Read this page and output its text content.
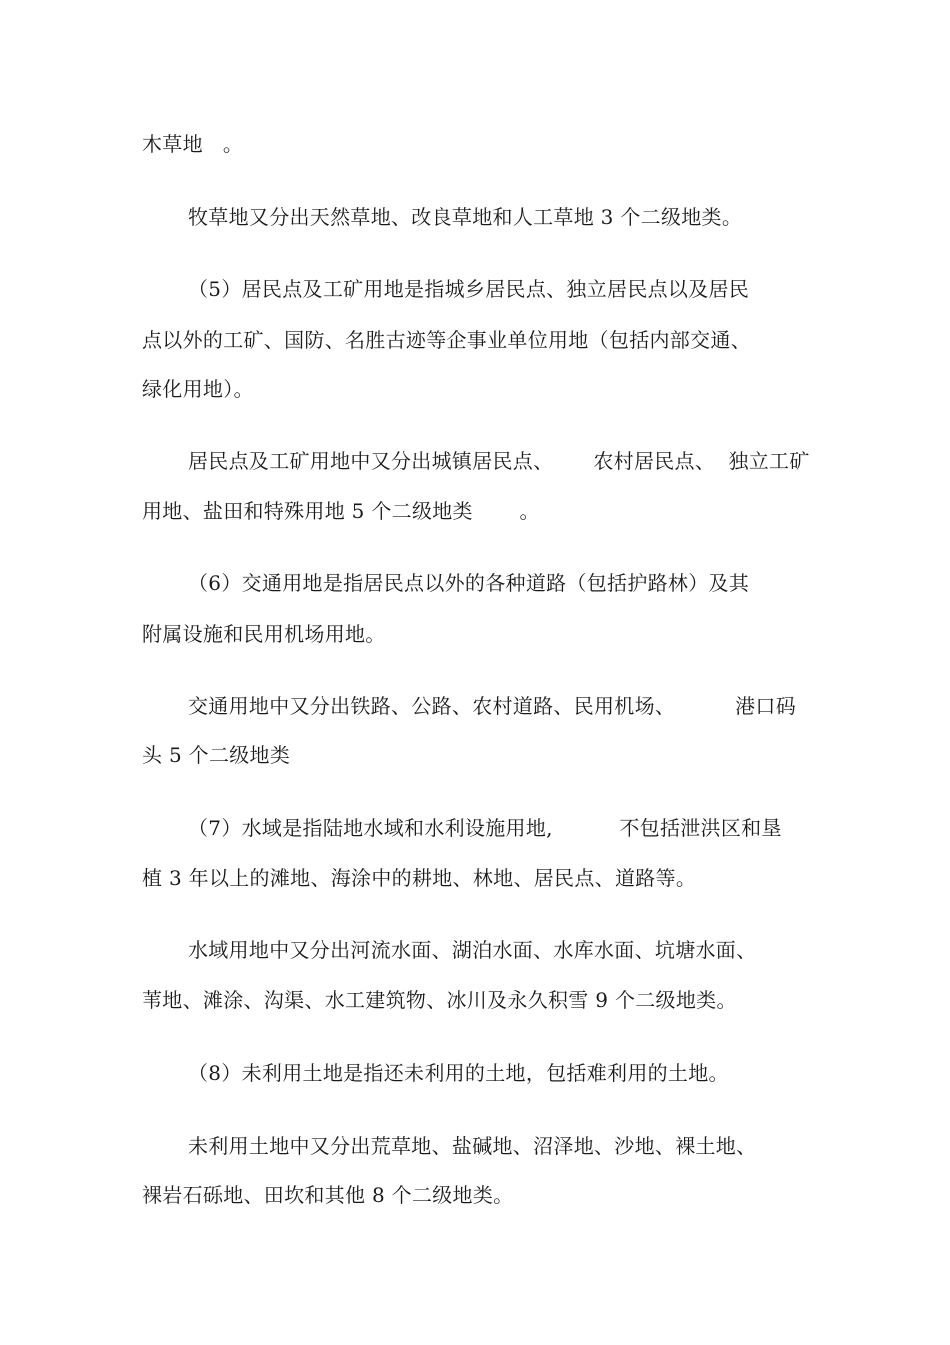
木草地   。
牧草地又分出天然草地、改良草地和人工草地 3 个二级地类。
（5）居民点及工矿用地是指城乡居民点、独立居民点以及居民
点以外的工矿、国防、名胜古迹等企事业单位用地（包括内部交通、
绿化用地）。
居民点及工矿用地中又分出城镇居民点、      农村居民点、  独立工矿
用地、盐田和特殊用地 5 个二级地类       。
（6）交通用地是指居民点以外的各种道路（包括护路林）及其
附属设施和民用机场用地。
交通用地中又分出铁路、公路、农村道路、民用机场、         港口码
头 5 个二级地类
（7）水域是指陆地水域和水利设施用地,          不包括泄洪区和垦
植 3 年以上的滩地、海涂中的耕地、林地、居民点、道路等。
水域用地中又分出河流水面、湖泊水面、水库水面、坑塘水面、
苇地、滩涂、沟渠、水工建筑物、冰川及永久积雪 9 个二级地类。
（8）未利用土地是指还未利用的土地，包括难利用的土地。
未利用土地中又分出荒草地、盐碱地、沼泽地、沙地、裸土地、
裸岩石砾地、田坎和其他 8 个二级地类。
